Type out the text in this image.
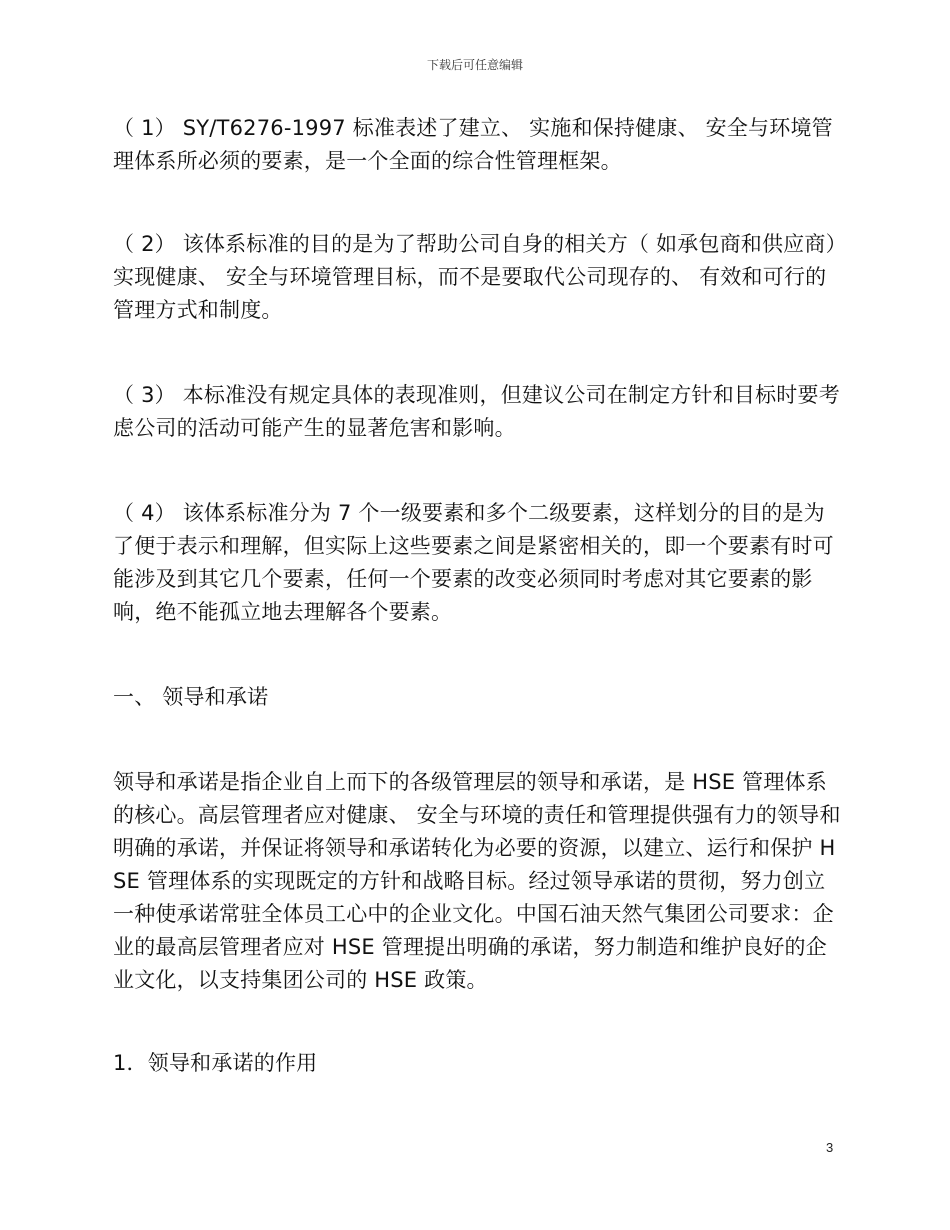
下载后可任意编辑

（ 1） SY/T6276-1997 标准表述了建立、 实施和保持健康、 安全与环境管理体系所必须的要素，是一个全面的综合性管理框架。

（ 2） 该体系标准的目的是为了帮助公司自身的相关方（ 如承包商和供应商）实现健康、 安全与环境管理目标，而不是要取代公司现存的、 有效和可行的管理方式和制度。

（ 3） 本标准没有规定具体的表现准则，但建议公司在制定方针和目标时要考虑公司的活动可能产生的显著危害和影响。

（ 4） 该体系标准分为 7 个一级要素和多个二级要素，这样划分的目的是为了便于表示和理解，但实际上这些要素之间是紧密相关的，即一个要素有时可能涉及到其它几个要素，任何一个要素的改变必须同时考虑对其它要素的影响，绝不能孤立地去理解各个要素。

一、 领导和承诺

领导和承诺是指企业自上而下的各级管理层的领导和承诺，是 HSE 管理体系的核心。高层管理者应对健康、 安全与环境的责任和管理提供强有力的领导和明确的承诺，并保证将领导和承诺转化为必要的资源，以建立、运行和保护 HSE 管理体系的实现既定的方针和战略目标。经过领导承诺的贯彻，努力创立一种使承诺常驻全体员工心中的企业文化。中国石油天然气集团公司要求：企业的最高层管理者应对 HSE 管理提出明确的承诺，努力制造和维护良好的企业文化，以支持集团公司的 HSE 政策。

1．领导和承诺的作用

3
